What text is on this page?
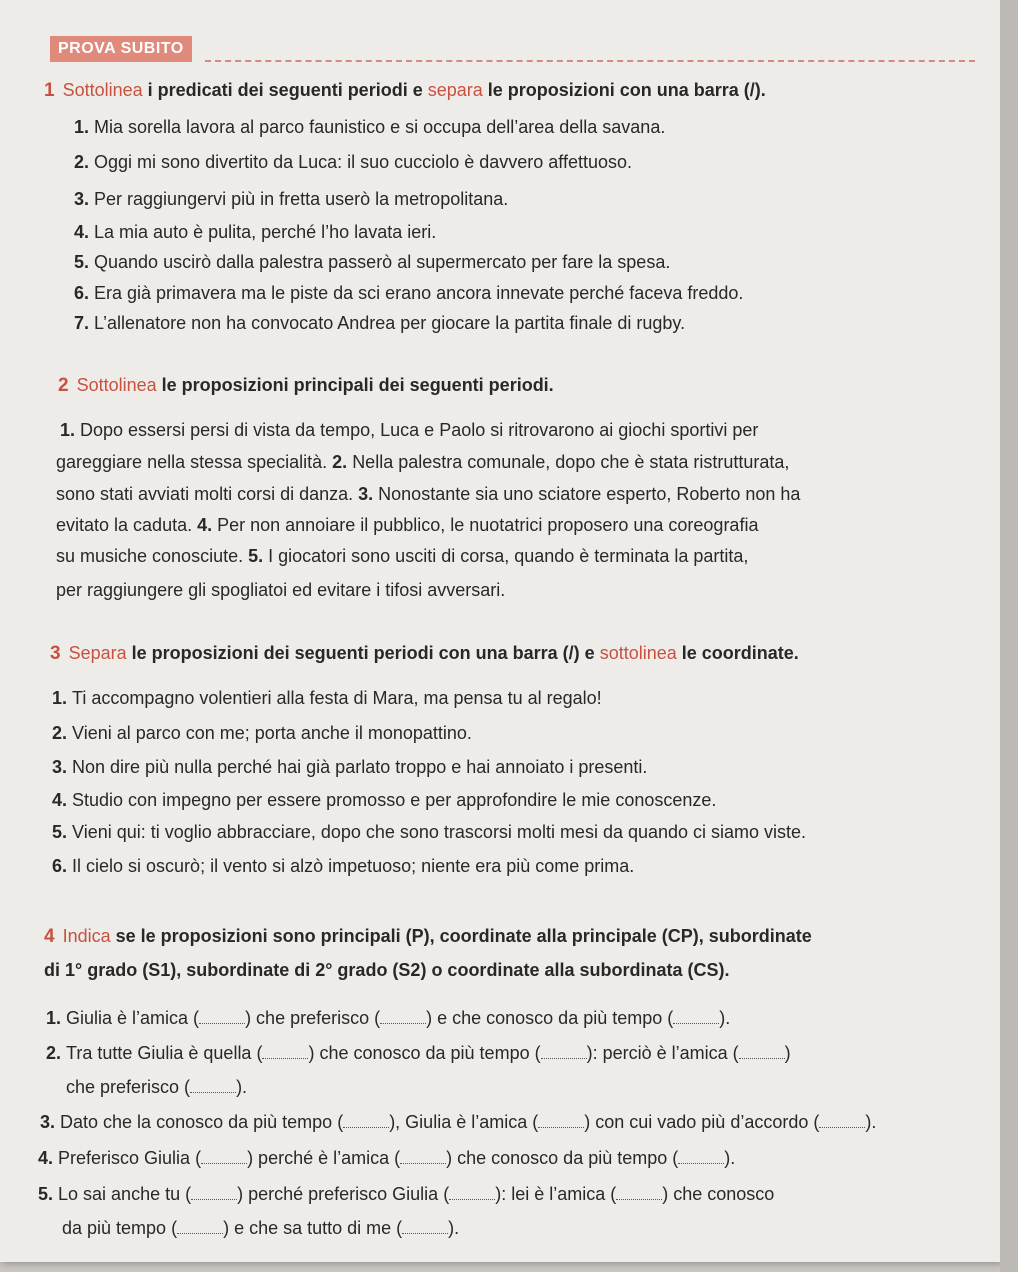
PROVA SUBITO
1 Sottolinea i predicati dei seguenti periodi e separa le proposizioni con una barra (/).
1. Mia sorella lavora al parco faunistico e si occupa dell’area della savana.
2. Oggi mi sono divertito da Luca: il suo cucciolo è davvero affettuoso.
3. Per raggiungervi più in fretta userò la metropolitana.
4. La mia auto è pulita, perché l’ho lavata ieri.
5. Quando uscirò dalla palestra passerò al supermercato per fare la spesa.
6. Era già primavera ma le piste da sci erano ancora innevate perché faceva freddo.
7. L’allenatore non ha convocato Andrea per giocare la partita finale di rugby.
2 Sottolinea le proposizioni principali dei seguenti periodi.
1. Dopo essersi persi di vista da tempo, Luca e Paolo si ritrovarono ai giochi sportivi per
gareggiare nella stessa specialità. 2. Nella palestra comunale, dopo che è stata ristrutturata,
sono stati avviati molti corsi di danza. 3. Nonostante sia uno sciatore esperto, Roberto non ha
evitato la caduta. 4. Per non annoiare il pubblico, le nuotatrici proposero una coreografia
su musiche conosciute. 5. I giocatori sono usciti di corsa, quando è terminata la partita,
per raggiungere gli spogliatoi ed evitare i tifosi avversari.
3 Separa le proposizioni dei seguenti periodi con una barra (/) e sottolinea le coordinate.
1. Ti accompagno volentieri alla festa di Mara, ma pensa tu al regalo!
2. Vieni al parco con me; porta anche il monopattino.
3. Non dire più nulla perché hai già parlato troppo e hai annoiato i presenti.
4. Studio con impegno per essere promosso e per approfondire le mie conoscenze.
5. Vieni qui: ti voglio abbracciare, dopo che sono trascorsi molti mesi da quando ci siamo viste.
6. Il cielo si oscurò; il vento si alzò impetuoso; niente era più come prima.
4 Indica se le proposizioni sono principali (P), coordinate alla principale (CP), subordinate
di 1° grado (S1), subordinate di 2° grado (S2) o coordinate alla subordinata (CS).
1. Giulia è l’amica (	) che preferisco (	) e che conosco da più tempo (	).
2. Tra tutte Giulia è quella (	) che conosco da più tempo (	): perciò è l’amica (	)
che preferisco (	).
3. Dato che la conosco da più tempo (	), Giulia è l’amica (	) con cui vado più d’accordo (	).
4. Preferisco Giulia (	) perché è l’amica (	) che conosco da più tempo (	).
5. Lo sai anche tu (	) perché preferisco Giulia (	): lei è l’amica (	) che conosco
da più tempo (	) e che sa tutto di me (	).
